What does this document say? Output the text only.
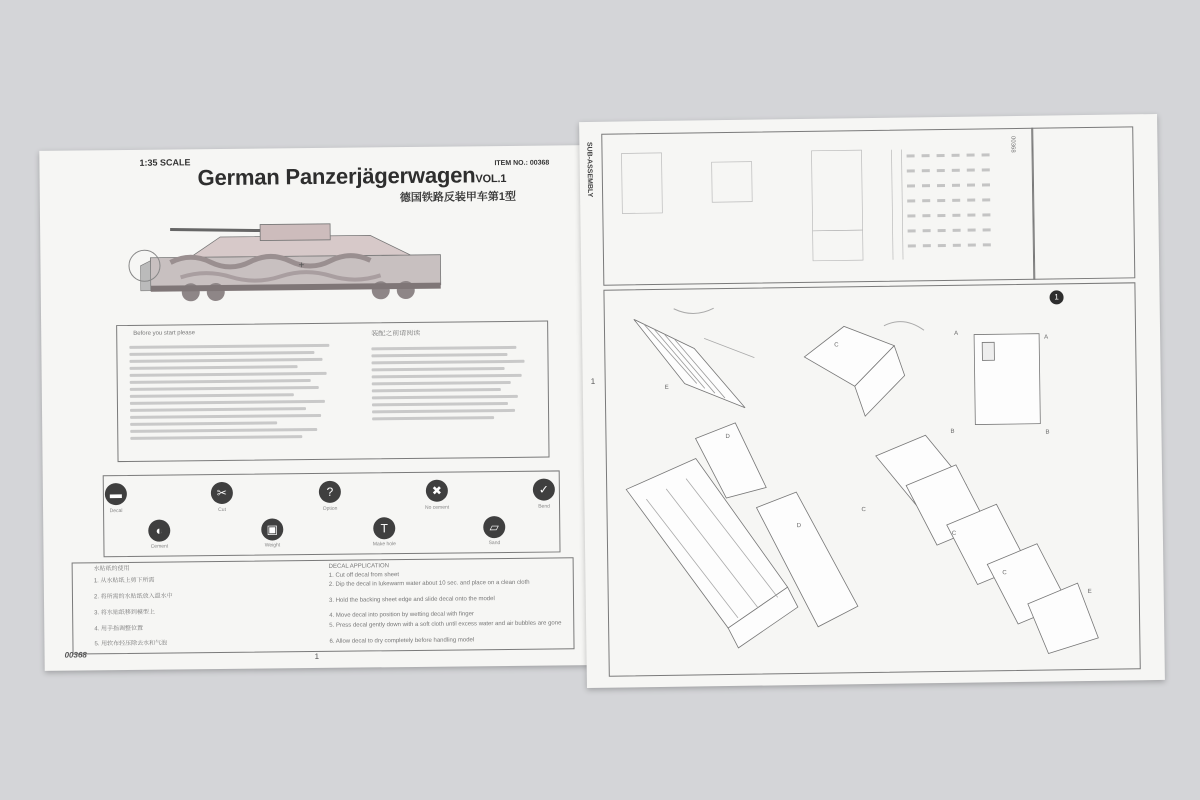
1:35 SCALE	ITEM NO.: 00368
German PanzerjägerwagenVOL.1
德国铁路反装甲车第1型
+
Before you start please	装配之前请阅读
▬
Decal
✂
Cut
?
Option
✖
No cement
✓
Bend
◐
Cement
▣
Weight
T
Make hole
▱
Sand
水贴纸的使用
1. 从水贴纸上剪下所需
2. 将所需的水贴纸放入温水中
3. 将水贴纸移到模型上
4. 用手指调整位置
5. 用软布轻压除去水和气泡
DECAL APPLICATION
1. Cut off decal from sheet
2. Dip the decal in lukewarm water about 10 sec. and place on a clean cloth
3. Hold the backing sheet edge and slide decal onto the model
4. Move decal into position by wetting decal with finger
5. Press decal gently down with a soft cloth until excess water and air bubbles are gone
6. Allow decal to dry completely before handling model
00368	1
SUB-ASSEMBLY
1
00368
1
A
A
B	B
C
C
C
C
D
D
E
E
